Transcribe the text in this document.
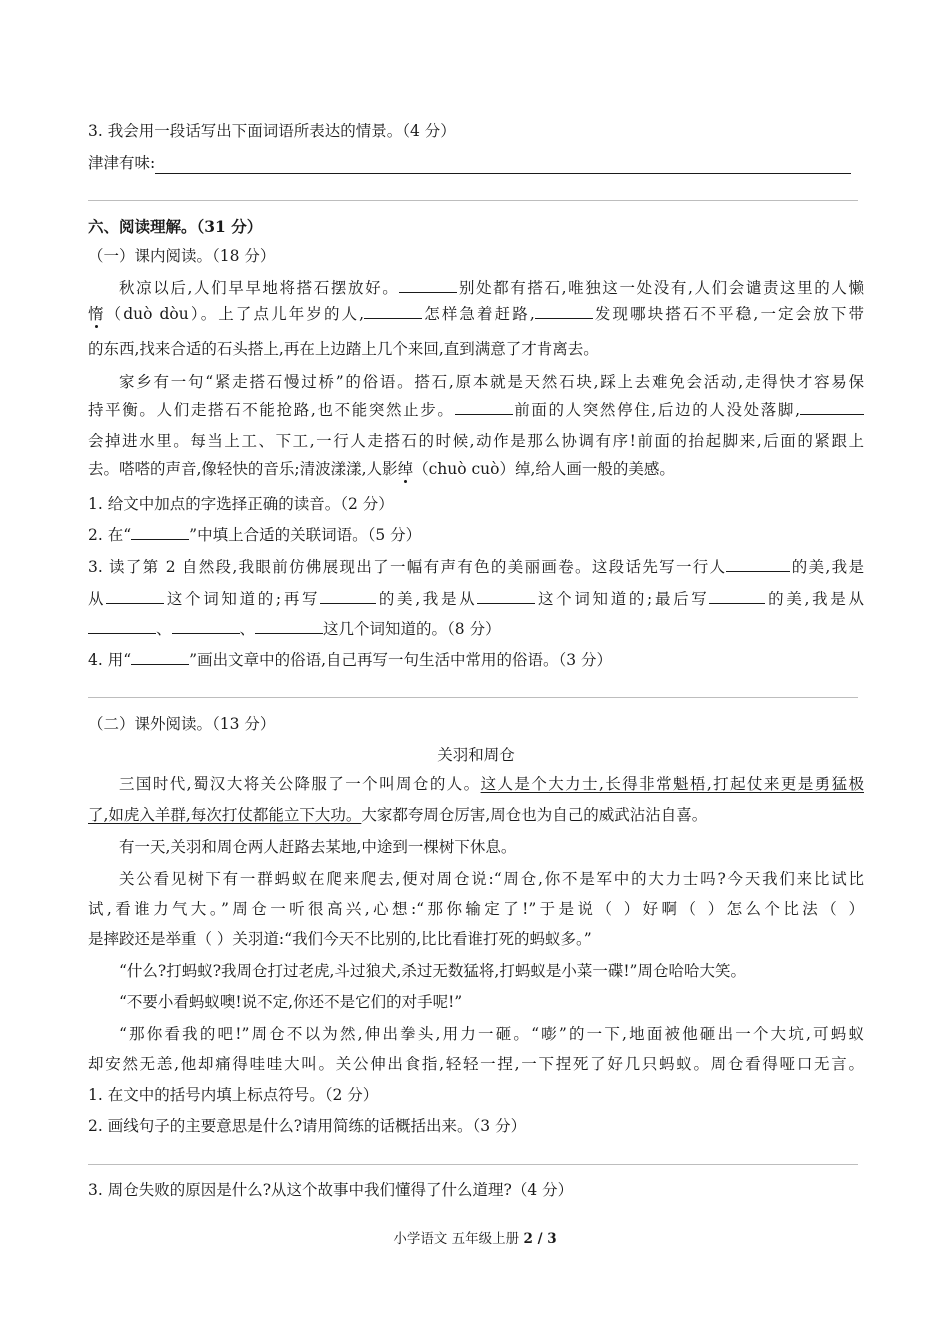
3. 我会用一段话写出下面词语所表达的情景。（4 分）
津津有味:
六、阅读理解。（31 分）
（一）课内阅读。（18 分）
秋凉以后,人们早早地将搭石摆放好。	别处都有搭石,唯独这一处没有,人们会谴责这里的人懒
惰（duò dòu）。上了点儿年岁的人,	怎样急着赶路,	发现哪块搭石不平稳,一定会放下带
的东西,找来合适的石头搭上,再在上边踏上几个来回,直到满意了才肯离去。
家乡有一句“紧走搭石慢过桥”的俗语。搭石,原本就是天然石块,踩上去难免会活动,走得快才容易保
持平衡。人们走搭石不能抢路,也不能突然止步。	前面的人突然停住,后边的人没处落脚,
会掉进水里。每当上工、下工,一行人走搭石的时候,动作是那么协调有序!前面的抬起脚来,后面的紧跟上
去。嗒嗒的声音,像轻快的音乐;清波漾漾,人影绰（chuò cuò）绰,给人画一般的美感。
1. 给文中加点的字选择正确的读音。（2 分）
2. 在“	”中填上合适的关联词语。（5 分）
3. 读了第 2 自然段,我眼前仿佛展现出了一幅有声有色的美丽画卷。这段话先写一行人	的美,我是
从	这个词知道的;再写	的美,我是从	这个词知道的;最后写	的美,我是从
、	、	这几个词知道的。（8 分）
4. 用“	”画出文章中的俗语,自己再写一句生活中常用的俗语。（3 分）
（二）课外阅读。（13 分）
关羽和周仓
三国时代,蜀汉大将关公降服了一个叫周仓的人。这人是个大力士,长得非常魁梧,打起仗来更是勇猛极
了,如虎入羊群,每次打仗都能立下大功。大家都夸周仓厉害,周仓也为自己的威武沾沾自喜。
有一天,关羽和周仓两人赶路去某地,中途到一棵树下休息。
关公看见树下有一群蚂蚁在爬来爬去,便对周仓说:“周仓,你不是军中的大力士吗?今天我们来比试比
试,看谁力气大。”周仓一听很高兴,心想:“那你输定了!”于是说（ ）好啊（ ）怎么个比法（ ）
是摔跤还是举重（ ）关羽道:“我们今天不比别的,比比看谁打死的蚂蚁多。”
“什么?打蚂蚁?我周仓打过老虎,斗过狼犬,杀过无数猛将,打蚂蚁是小菜一碟!”周仓哈哈大笑。
“不要小看蚂蚁噢!说不定,你还不是它们的对手呢!”
“那你看我的吧!”周仓不以为然,伸出拳头,用力一砸。“嘭”的一下,地面被他砸出一个大坑,可蚂蚁
却安然无恙,他却痛得哇哇大叫。关公伸出食指,轻轻一捏,一下捏死了好几只蚂蚁。周仓看得哑口无言。
1. 在文中的括号内填上标点符号。（2 分）
2. 画线句子的主要意思是什么?请用简练的话概括出来。（3 分）
3. 周仓失败的原因是什么?从这个故事中我们懂得了什么道理?（4 分）
小学语文 五年级上册 2 / 3
